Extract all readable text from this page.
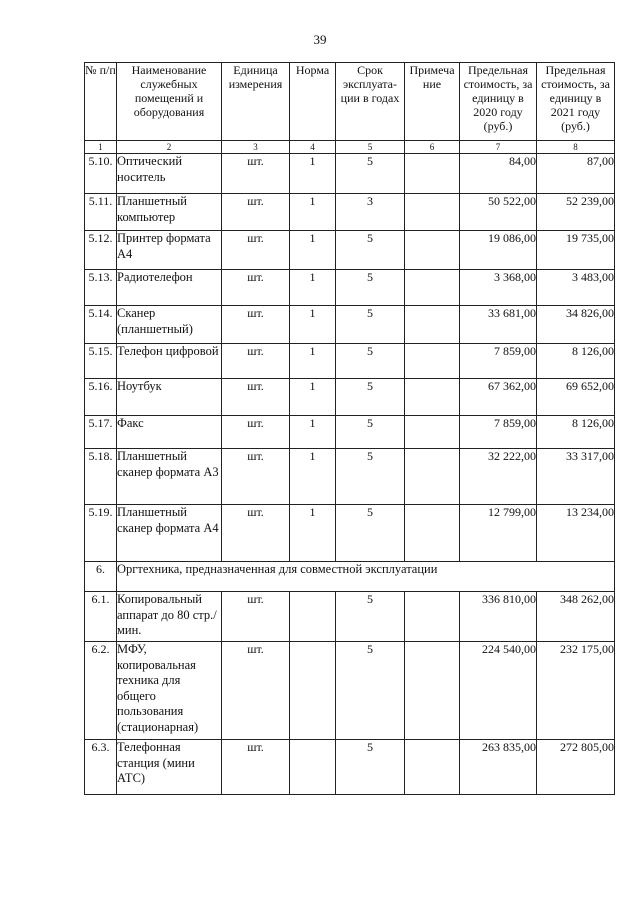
39
№ п/п	Наименование служебных помещений и оборудования	Единица измерения	Норма	Срок эксплуата-ции в годах	Примеча ние	Предельная стоимость, за единицу в 2020 году (руб.)	Предельная стоимость, за единицу в 2021 году (руб.)
1	2	3	4	5	6	7	8
5.10.	Оптический носитель	шт.	1	5		84,00	87,00
5.11.	Планшетный компьютер	шт.	1	3		50 522,00	52 239,00
5.12.	Принтер формата А4	шт.	1	5		19 086,00	19 735,00
5.13.	Радиотелефон	шт.	1	5		3 368,00	3 483,00
5.14.	Сканер (планшетный)	шт.	1	5		33 681,00	34 826,00
5.15.	Телефон цифровой	шт.	1	5		7 859,00	8 126,00
5.16.	Ноутбук	шт.	1	5		67 362,00	69 652,00
5.17.	Факс	шт.	1	5		7 859,00	8 126,00
5.18.	Планшетный сканер формата А3	шт.	1	5		32 222,00	33 317,00
5.19.	Планшетный сканер формата А4	шт.	1	5		12 799,00	13 234,00
6.	Оргтехника, предназначенная для совместной эксплуатации						
6.1.	Копировальный аппарат до 80 стр./мин.	шт.		5		336 810,00	348 262,00
6.2.	МФУ, копировальная техника для общего пользования (стационарная)	шт.		5		224 540,00	232 175,00
6.3.	Телефонная станция (мини АТС)	шт.		5		263 835,00	272 805,00
